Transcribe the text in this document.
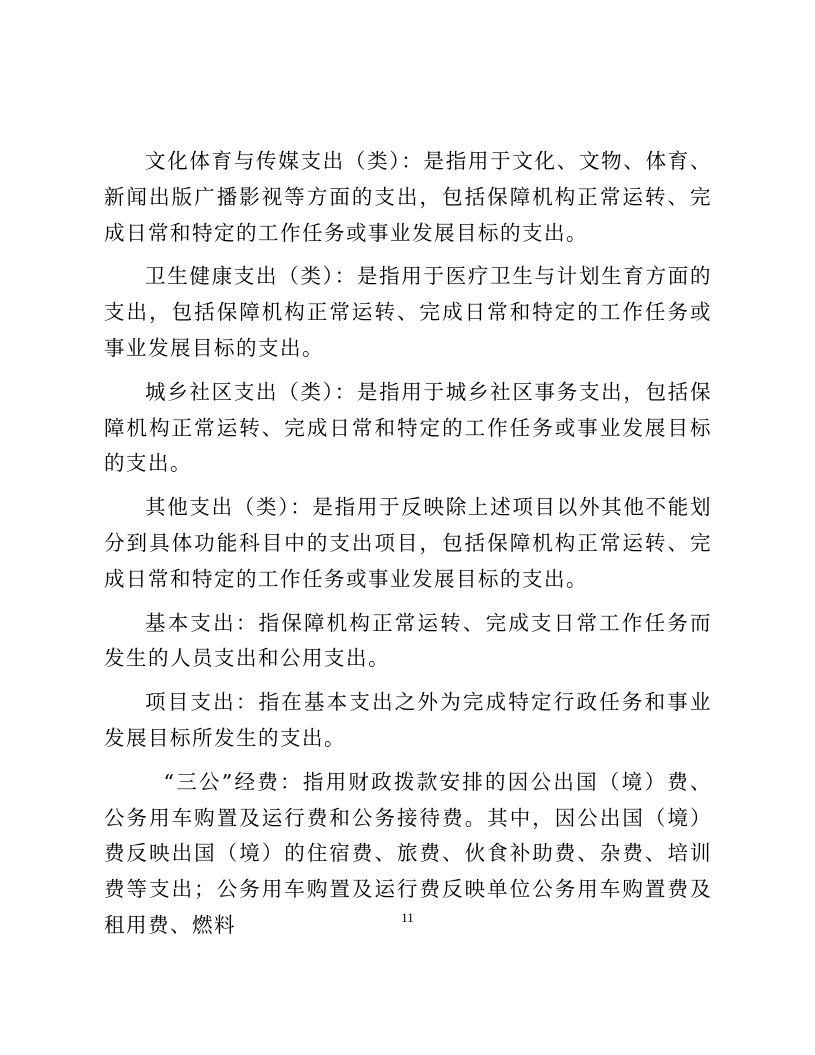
文化体育与传媒支出（类）：是指用于文化、文物、体育、新闻出版广播影视等方面的支出，包括保障机构正常运转、完成日常和特定的工作任务或事业发展目标的支出。

卫生健康支出（类）：是指用于医疗卫生与计划生育方面的支出，包括保障机构正常运转、完成日常和特定的工作任务或事业发展目标的支出。

城乡社区支出（类）：是指用于城乡社区事务支出，包括保障机构正常运转、完成日常和特定的工作任务或事业发展目标的支出。

其他支出（类）：是指用于反映除上述项目以外其他不能划分到具体功能科目中的支出项目，包括保障机构正常运转、完成日常和特定的工作任务或事业发展目标的支出。

基本支出：指保障机构正常运转、完成支日常工作任务而发生的人员支出和公用支出。

项目支出：指在基本支出之外为完成特定行政任务和事业发展目标所发生的支出。

“三公”经费：指用财政拨款安排的因公出国（境）费、公务用车购置及运行费和公务接待费。其中，因公出国（境）费反映出国（境）的住宿费、旅费、伙食补助费、杂费、培训费等支出；公务用车购置及运行费反映单位公务用车购置费及租用费、燃料	11
